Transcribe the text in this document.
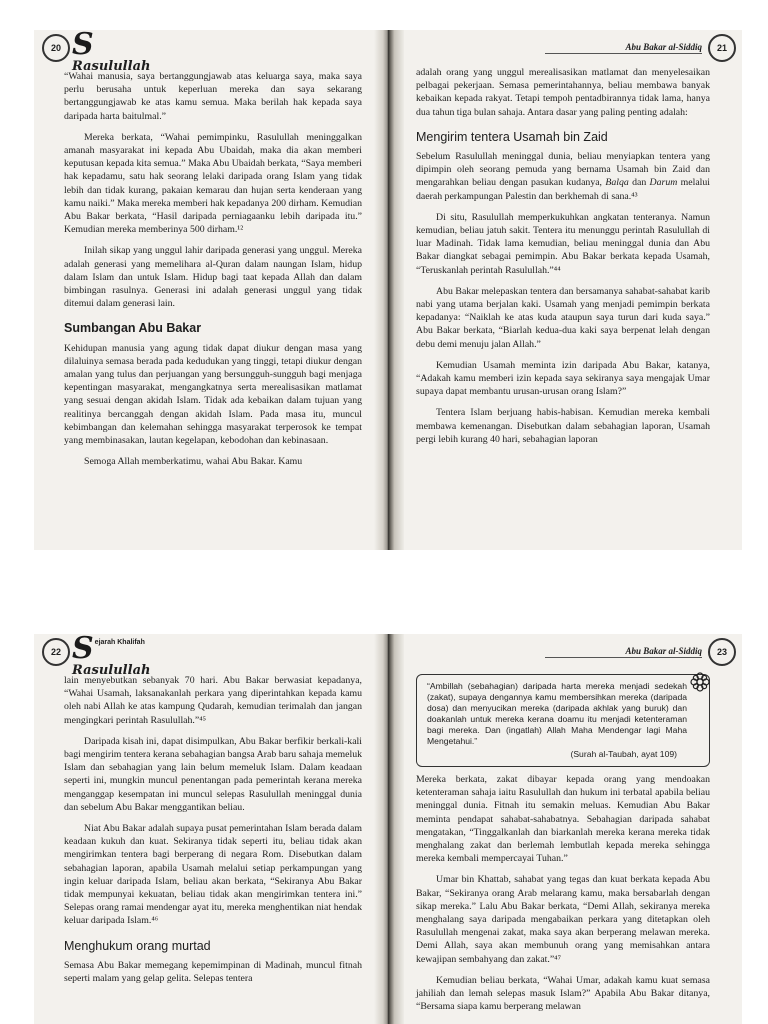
20 S

Rasulullah

“Wahai manusia, saya bertanggungjawab atas keluarga saya, maka saya perlu berusaha untuk keperluan mereka dan saya sekarang bertanggungjawab ke atas kamu semua. Maka berilah hak kepada saya daripada harta baitulmal.”

Mereka berkata, “Wahai pemimpinku, Rasulullah meninggalkan amanah masyarakat ini kepada Abu Ubaidah, maka dia akan memberi keputusan kepada kita semua.” Maka Abu Ubaidah berkata, “Saya memberi hak kepadamu, satu hak seorang lelaki daripada orang Islam yang tidak lebih dan tidak kurang, pakaian kemarau dan hujan serta kenderaan yang kamu naiki.” Maka mereka memberi hak kepadanya 200 dirham. Kemudian Abu Bakar berkata, “Hasil daripada perniagaanku lebih daripada itu.” Kemudian mereka memberinya 500 dirham.¹²

Inilah sikap yang unggul lahir daripada generasi yang unggul. Mereka adalah generasi yang memelihara al-Quran dalam naungan Islam, hidup dalam Islam dan untuk Islam. Hidup bagi taat kepada Allah dan dalam bimbingan rasulnya. Generasi ini adalah generasi unggul yang tidak ditemui dalam generasi lain.

Sumbangan Abu Bakar

Kehidupan manusia yang agung tidak dapat diukur dengan masa yang dilaluinya semasa berada pada kedudukan yang tinggi, tetapi diukur dengan amalan yang tulus dan perjuangan yang bersungguh-sungguh bagi menjaga kepentingan masyarakat, mengangkatnya serta merealisasikan matlamat yang sesuai dengan akidah Islam. Tidak ada kebaikan dalam tujuan yang realitinya bercanggah dengan akidah Islam. Pada masa itu, muncul kebimbangan dan kelemahan sehingga masyarakat terperosok ke tempat yang membinasakan, lautan kegelapan, kebodohan dan kebinasaan.

Semoga Allah memberkatimu, wahai Abu Bakar. Kamu

Abu Bakar al-Siddiq	21

adalah orang yang unggul merealisasikan matlamat dan menyelesaikan pelbagai pekerjaan. Semasa pemerintahannya, beliau membawa banyak kebaikan kepada rakyat. Tetapi tempoh pentadbirannya tidak lama, hanya dua tahun tiga bulan sahaja. Antara dasar yang paling penting adalah:

Mengirim tentera Usamah bin Zaid

Sebelum Rasulullah meninggal dunia, beliau menyiapkan tentera yang dipimpin oleh seorang pemuda yang bernama Usamah bin Zaid dan mengarahkan beliau dengan pasukan kudanya, Balqa dan Darum melalui daerah perkampungan Palestin dan berkhemah di sana.⁴³

Di situ, Rasulullah memperkukuhkan angkatan tenteranya. Namun kemudian, beliau jatuh sakit. Tentera itu menunggu perintah Rasulullah di luar Madinah. Tidak lama kemudian, beliau meninggal dunia dan Abu Bakar diangkat sebagai pemimpin. Abu Bakar berkata kepada Usamah, “Teruskanlah perintah Rasulullah.”⁴⁴

Abu Bakar melepaskan tentera dan bersamanya sahabat-sahabat karib nabi yang utama berjalan kaki. Usamah yang menjadi pemimpin berkata kepadanya: “Naiklah ke atas kuda ataupun saya turun dari kuda saya.” Abu Bakar berkata, “Biarlah kedua-dua kaki saya berpenat lelah dengan debu demi menuju jalan Allah.”

Kemudian Usamah meminta izin daripada Abu Bakar, katanya, “Adakah kamu memberi izin kepada saya sekiranya saya mengajak Umar supaya dapat membantu urusan-urusan orang Islam?”

Tentera Islam berjuang habis-habisan. Kemudian mereka kembali membawa kemenangan. Disebutkan dalam sebahagian laporan, Usamah pergi lebih kurang 40 hari, sebahagian laporan

22 S ejarah Khalifah
Rasulullah

lain menyebutkan sebanyak 70 hari. Abu Bakar berwasiat kepadanya, “Wahai Usamah, laksanakanlah perkara yang diperintahkan kepada kamu oleh nabi Allah ke atas kampung Qudarah, kemudian terimalah dan jangan mengingkari perintah Rasulullah.”⁴⁵

Daripada kisah ini, dapat disimpulkan, Abu Bakar berfikir berkali-kali bagi mengirim tentera kerana sebahagian bangsa Arab baru sahaja memeluk Islam dan sebahagian yang lain belum memeluk Islam. Dalam keadaan seperti ini, mungkin muncul penentangan pada pemerintah kerana mereka menganggap kesempatan ini muncul selepas Rasulullah meninggal dunia dan sebelum Abu Bakar menggantikan beliau.

Niat Abu Bakar adalah supaya pusat pemerintahan Islam berada dalam keadaan kukuh dan kuat. Sekiranya tidak seperti itu, beliau tidak akan mengirimkan tentera bagi berperang di negara Rom. Disebutkan dalam sebahagian laporan, apabila Usamah melalui setiap perkampungan yang ingin keluar daripada Islam, beliau akan berkata, “Sekiranya Abu Bakar tidak mempunyai kekuatan, beliau tidak akan mengirimkan tentera ini.” Selepas orang ramai mendengar ayat itu, mereka menghentikan niat hendak keluar daripada Islam.⁴⁶

Menghukum orang murtad

Semasa Abu Bakar memegang kepemimpinan di Madinah, muncul fitnah seperti malam yang gelap gelita. Selepas tentera

Abu Bakar al-Siddiq	23
“Ambillah (sebahagian) daripada harta mereka menjadi sedekah (zakat), supaya dengannya kamu membersihkan mereka (daripada dosa) dan menyucikan mereka (daripada akhlak yang buruk) dan doakanlah untuk mereka kerana doamu itu menjadi ketenteraman bagi mereka. Dan (ingatlah) Allah Maha Mendengar lagi Maha Mengetahui.”
(Surah al-Taubah, ayat 109)

Mereka berkata, zakat dibayar kepada orang yang mendoakan ketenteraman sahaja iaitu Rasulullah dan hukum ini terbatal apabila beliau meninggal dunia. Fitnah itu semakin meluas. Kemudian Abu Bakar meminta pendapat sahabat-sahabatnya. Sebahagian daripada sahabat mengatakan, “Tinggalkanlah dan biarkanlah mereka kerana mereka tidak menghalang zakat dan berlemah lembutlah kepada mereka sehingga mereka kembali mempercayai Tuhan.”

Umar bin Khattab, sahabat yang tegas dan kuat berkata kepada Abu Bakar, “Sekiranya orang Arab melarang kamu, maka bersabarlah dengan sikap mereka.” Lalu Abu Bakar berkata, “Demi Allah, sekiranya mereka menghalang saya daripada mengabaikan perkara yang ditetapkan oleh Rasulullah mengenai zakat, maka saya akan berperang melawan mereka. Demi Allah, saya akan membunuh orang yang memisahkan antara kewajipan sembahyang dan zakat.”⁴⁷

Kemudian beliau berkata, “Wahai Umar, adakah kamu kuat semasa jahiliah dan lemah selepas masuk Islam?” Apabila Abu Bakar ditanya, “Bersama siapa kamu berperang melawan
